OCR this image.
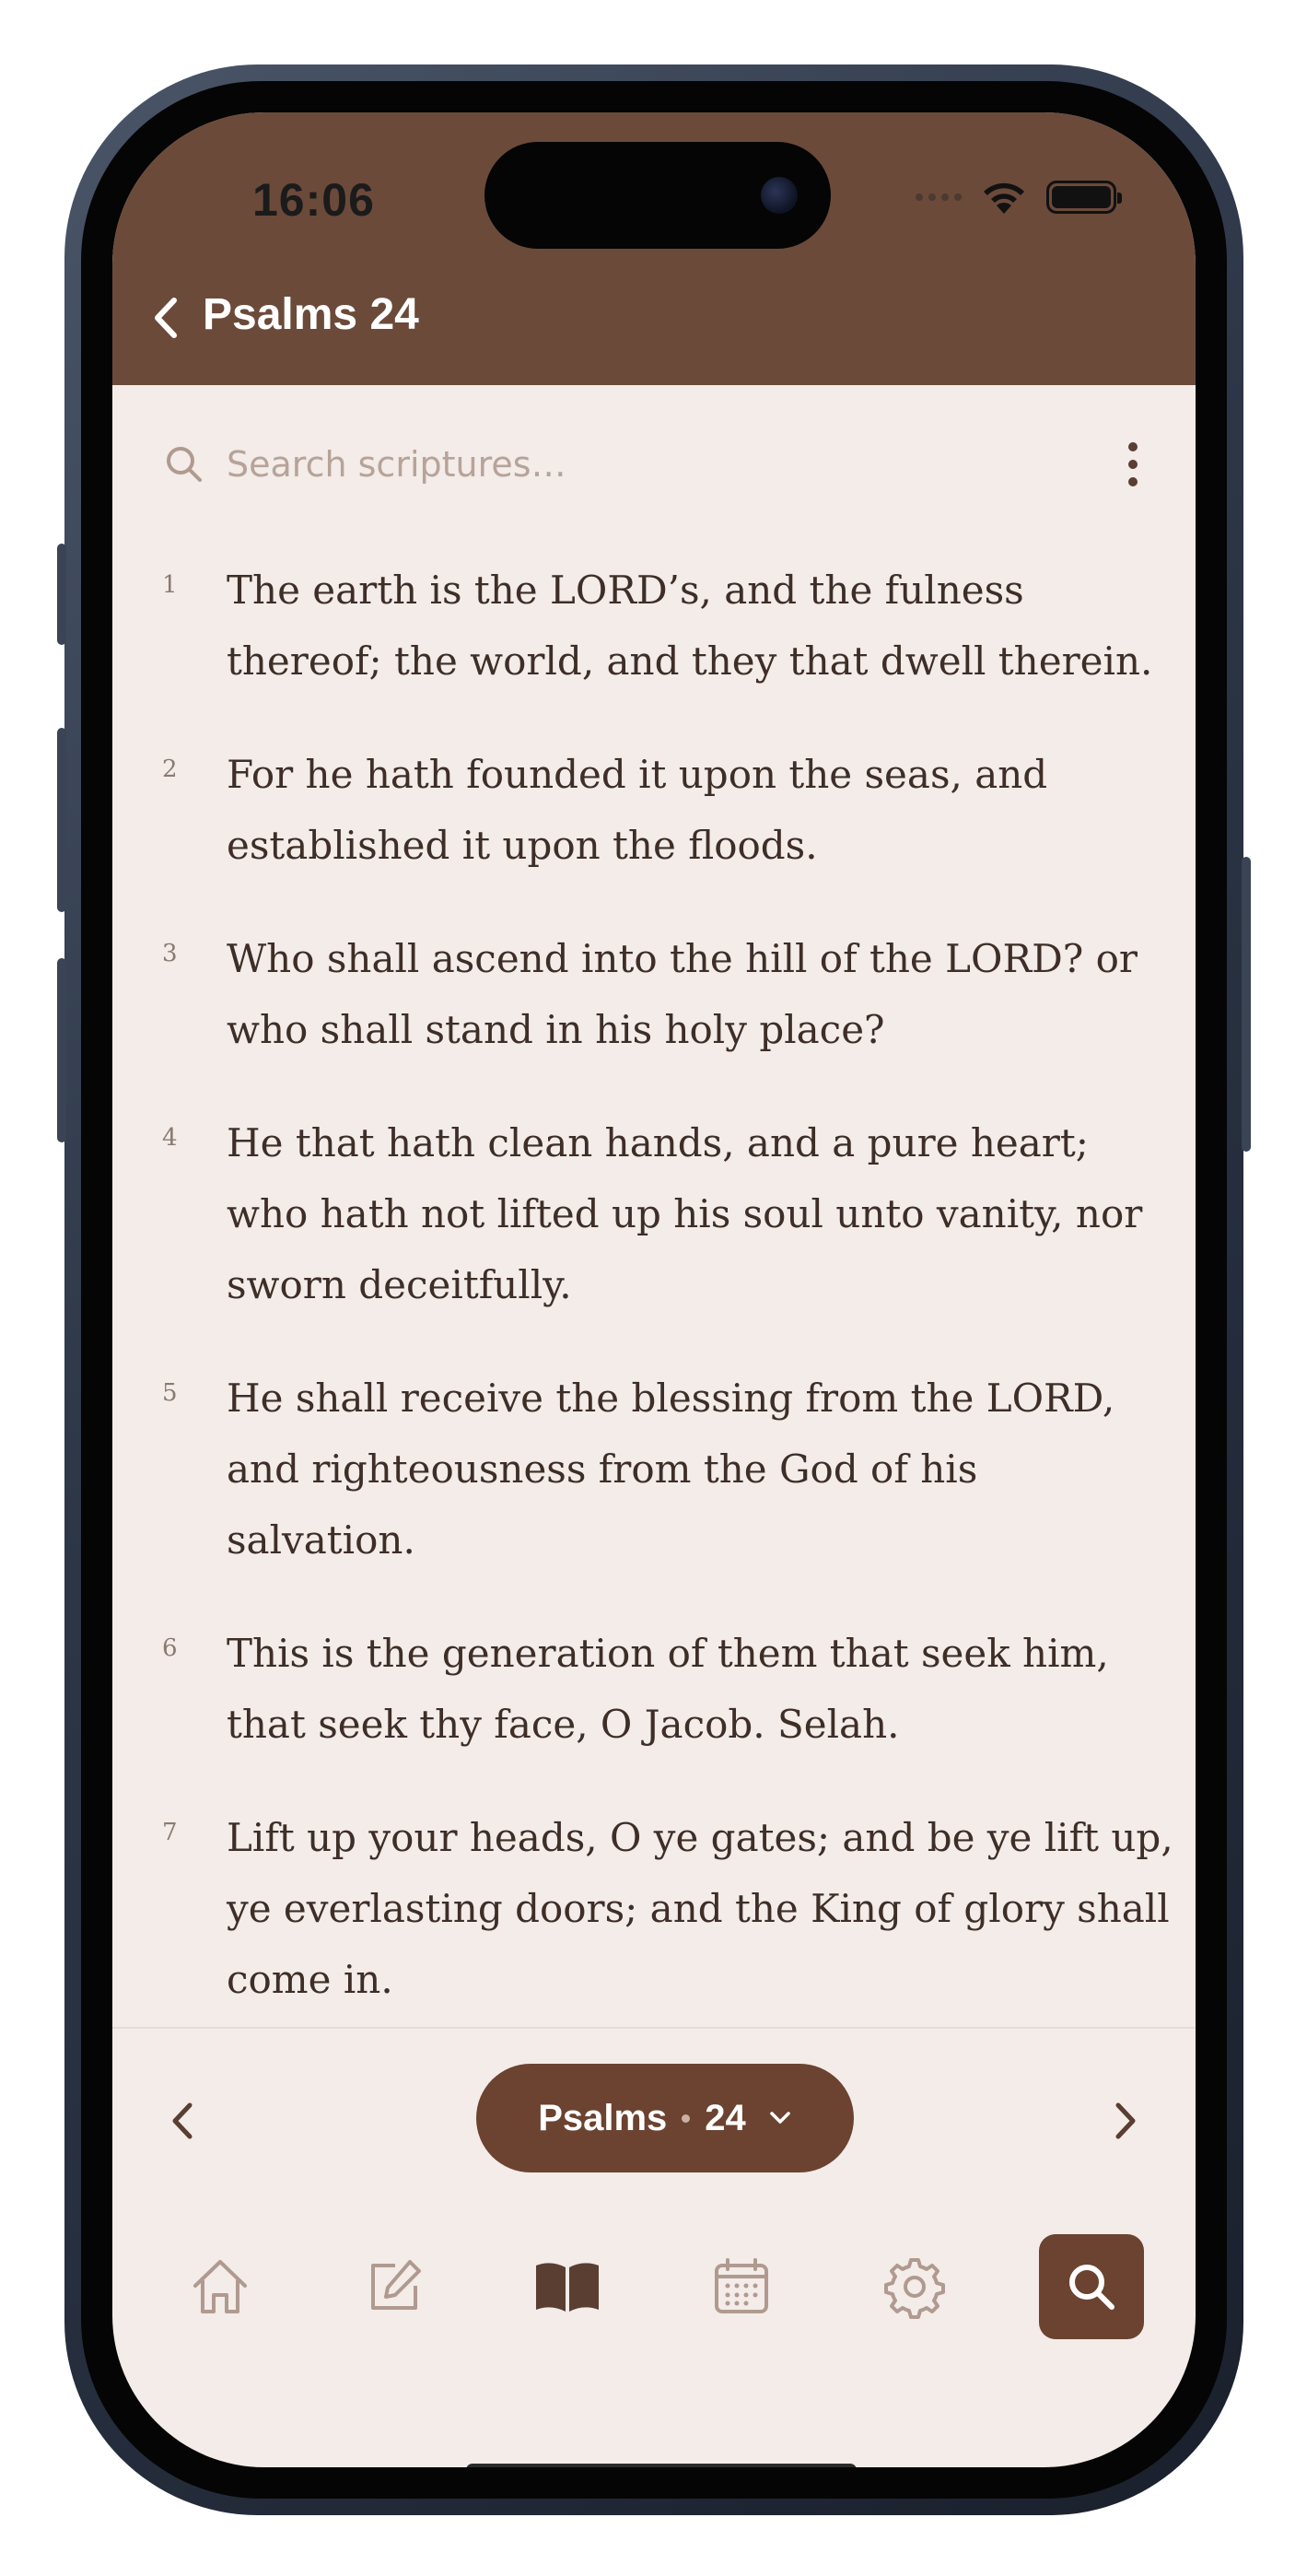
16:06
Psalms 24
Search scriptures…
1	The earth is the LORD’s, and the fulness thereof; the world, and they that dwell therein.
2	For he hath founded it upon the seas, and established it upon the floods.
3	Who shall ascend into the hill of the LORD? or who shall stand in his holy place?
4	He that hath clean hands, and a pure heart; who hath not lifted up his soul unto vanity, nor sworn deceitfully.
5	He shall receive the blessing from the LORD, and righteousness from the God of his salvation.
6	This is the generation of them that seek him, that seek thy face, O Jacob. Selah.
7	Lift up your heads, O ye gates; and be ye lift up, ye everlasting doors; and the King of glory shall come in.
Psalms 24
